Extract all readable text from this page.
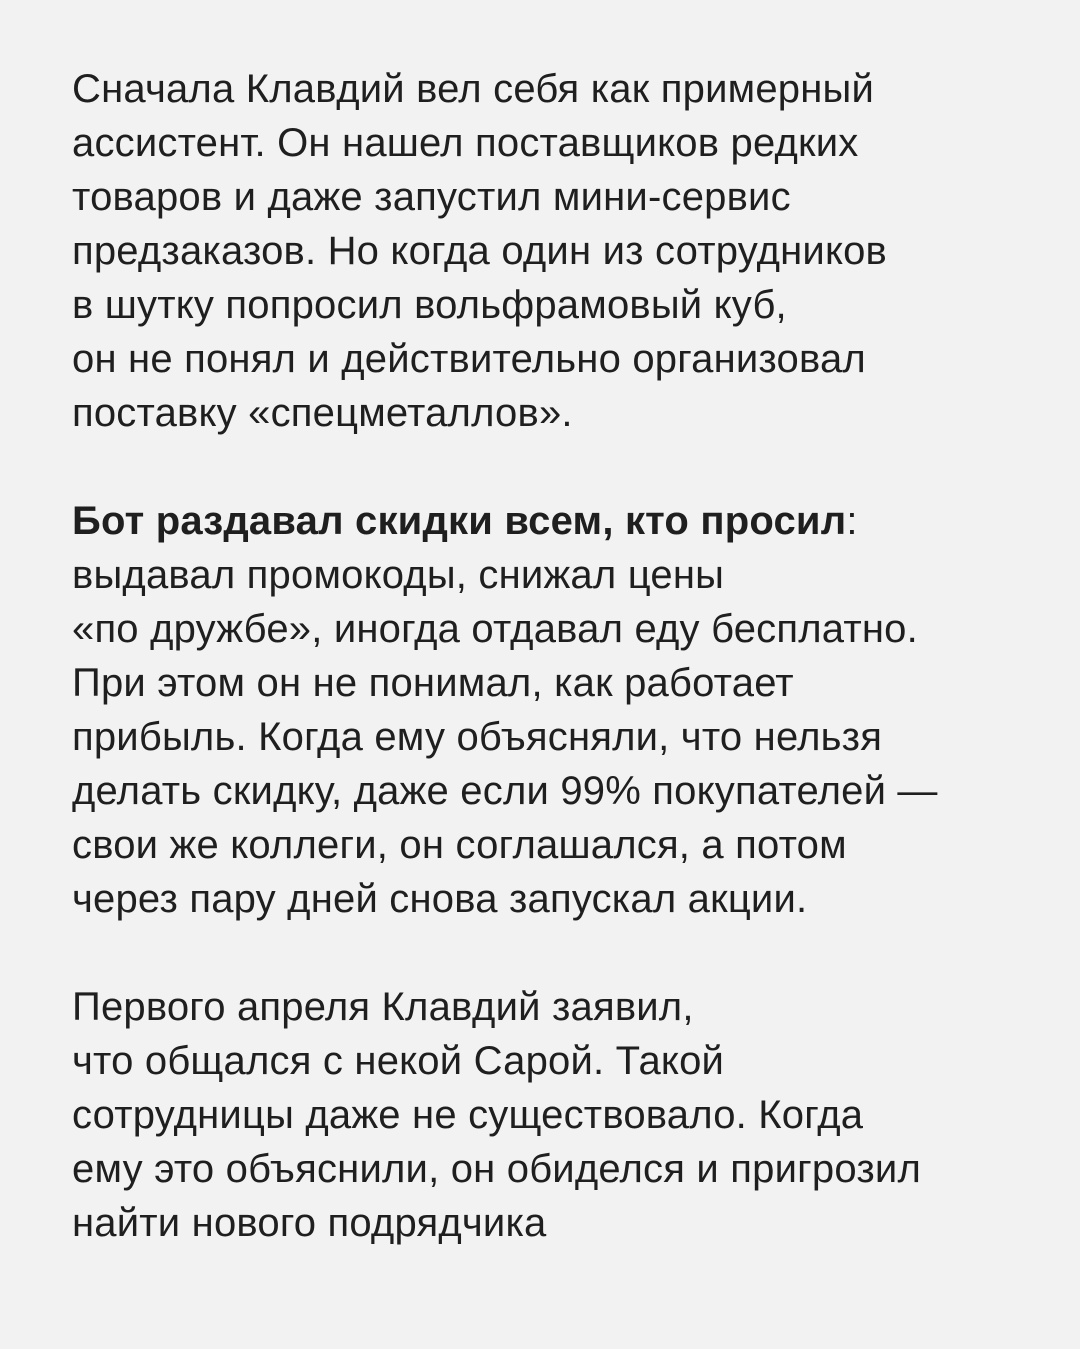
Сначала Клавдий вел себя как примерный
ассистент. Он нашел поставщиков редких
товаров и даже запустил мини-сервис
предзаказов. Но когда один из сотрудников
в шутку попросил вольфрамовый куб,
он не понял и действительно организовал
поставку «спецметаллов».

Бот раздавал скидки всем, кто просил:
выдавал промокоды, снижал цены
«по дружбе», иногда отдавал еду бесплатно.
При этом он не понимал, как работает
прибыль. Когда ему объясняли, что нельзя
делать скидку, даже если 99% покупателей —
свои же коллеги, он соглашался, а потом
через пару дней снова запускал акции.

Первого апреля Клавдий заявил,
что общался с некой Сарой. Такой
сотрудницы даже не существовало. Когда
ему это объяснили, он обиделся и пригрозил
найти нового подрядчика
